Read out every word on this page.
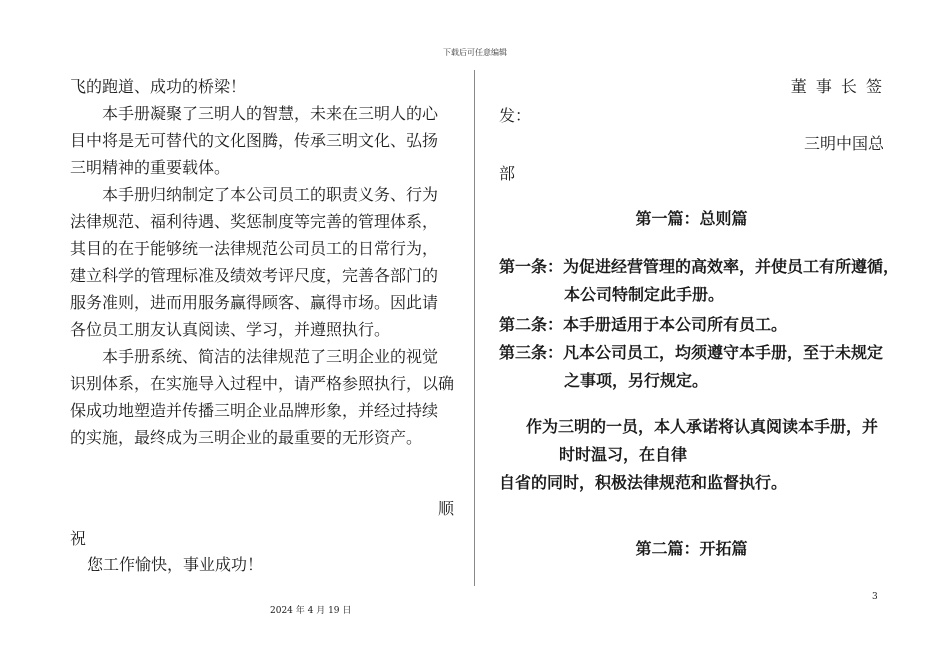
下载后可任意编辑
飞的跑道、成功的桥梁！
本手册凝聚了三明人的智慧，未来在三明人的心
目中将是无可替代的文化图腾，传承三明文化、弘扬
三明精神的重要载体。
本手册归纳制定了本公司员工的职责义务、行为
法律规范、福利待遇、奖惩制度等完善的管理体系，
其目的在于能够统一法律规范公司员工的日常行为，
建立科学的管理标准及绩效考评尺度，完善各部门的
服务准则，进而用服务赢得顾客、赢得市场。因此请
各位员工朋友认真阅读、学习，并遵照执行。
本手册系统、简洁的法律规范了三明企业的视觉
识别体系，在实施导入过程中，请严格参照执行，以确
保成功地塑造并传播三明企业品牌形象，并经过持续
的实施，最终成为三明企业的最重要的无形资产。
顺
祝
您工作愉快，事业成功！
董 事 长 签
发：
三明中国总
部
第一篇：总则篇
第一条：为促进经营管理的高效率，并使员工有所遵循，
本公司特制定此手册。
第二条：本手册适用于本公司所有员工。
第三条：凡本公司员工，均须遵守本手册，至于未规定
之事项，另行规定。
作为三明的一员，本人承诺将认真阅读本手册，并
时时温习，在自律
自省的同时，积极法律规范和监督执行。
第二篇：开拓篇
3
2024 年 4 月 19 日
